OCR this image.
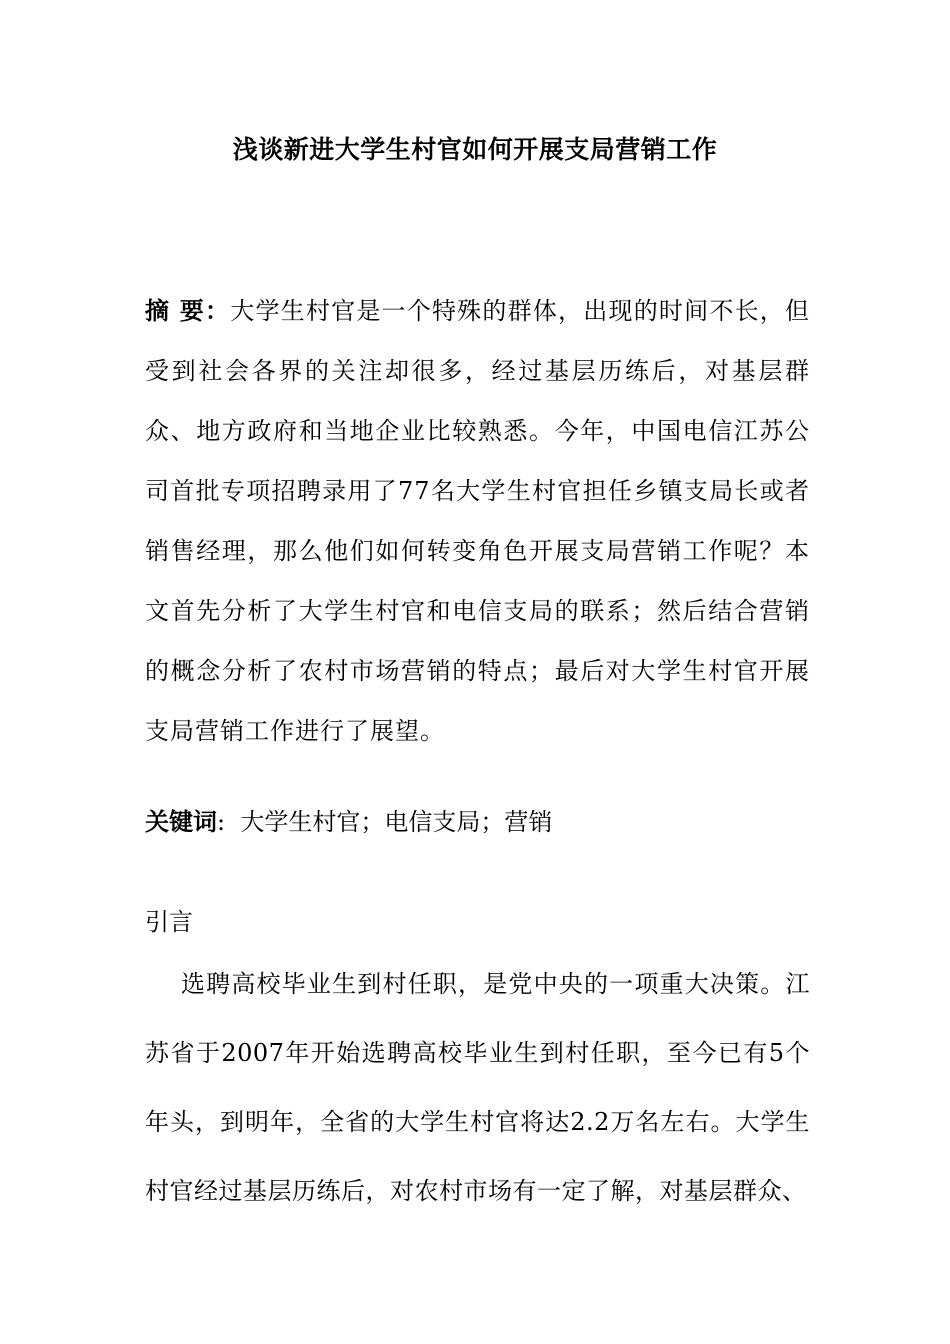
浅谈新进大学生村官如何开展支局营销工作

摘 要：大学生村官是一个特殊的群体，出现的时间不长，但受到社会各界的关注却很多，经过基层历练后，对基层群众、地方政府和当地企业比较熟悉。今年，中国电信江苏公司首批专项招聘录用了77名大学生村官担任乡镇支局长或者销售经理，那么他们如何转变角色开展支局营销工作呢？本文首先分析了大学生村官和电信支局的联系；然后结合营销的概念分析了农村市场营销的特点；最后对大学生村官开展支局营销工作进行了展望。

关键词:  大学生村官；电信支局；营销

引言

选聘高校毕业生到村任职，是党中央的一项重大决策。江苏省于2007年开始选聘高校毕业生到村任职，至今已有5个年头，到明年，全省的大学生村官将达2.2万名左右。大学生村官经过基层历练后，对农村市场有一定了解，对基层群众、
